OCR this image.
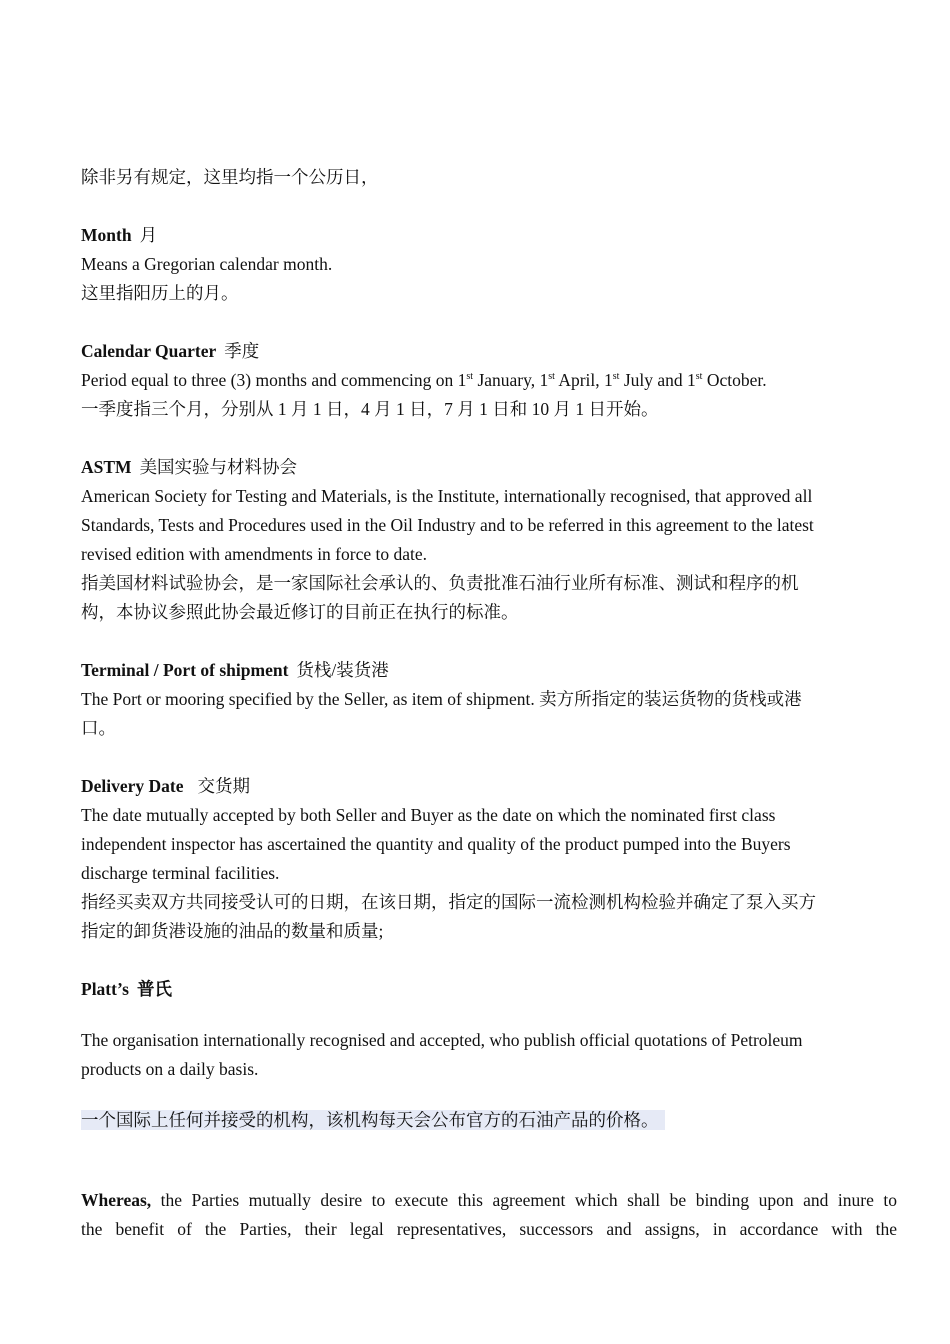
除非另有规定，这里均指一个公历日，
Month 月
Means a Gregorian calendar month.
这里指阳历上的月。
Calendar Quarter 季度
Period equal to three (3) months and commencing on 1st January, 1st April, 1st July and 1st October.
一季度指三个月，分别从 1 月 1 日，4 月 1 日，7 月 1 日和 10 月 1 日开始。
ASTM 美国实验与材料协会
American Society for Testing and Materials, is the Institute, internationally recognised, that approved all
Standards, Tests and Procedures used in the Oil Industry and to be referred in this agreement to the latest
revised edition with amendments in force to date.
指美国材料试验协会，是一家国际社会承认的、负责批准石油行业所有标准、测试和程序的机
构，本协议参照此协会最近修订的目前正在执行的标准。
Terminal / Port of shipment 货栈/装货港
The Port or mooring specified by the Seller, as item of shipment. 卖方所指定的装运货物的货栈或港
口。
Delivery Date 交货期
The date mutually accepted by both Seller and Buyer as the date on which the nominated first class
independent inspector has ascertained the quantity and quality of the product pumped into the Buyers
discharge terminal facilities.
指经买卖双方共同接受认可的日期，在该日期，指定的国际一流检测机构检验并确定了泵入买方
指定的卸货港设施的油品的数量和质量;
Platt’s 普氏
The organisation internationally recognised and accepted, who publish official quotations of Petroleum
products on a daily basis.
一个国际上任何并接受的机构，该机构每天会公布官方的石油产品的价格。
Whereas, the Parties mutually desire to execute this agreement which shall be binding upon and inure to
the benefit of the Parties, their legal representatives, successors and assigns, in accordance with the
